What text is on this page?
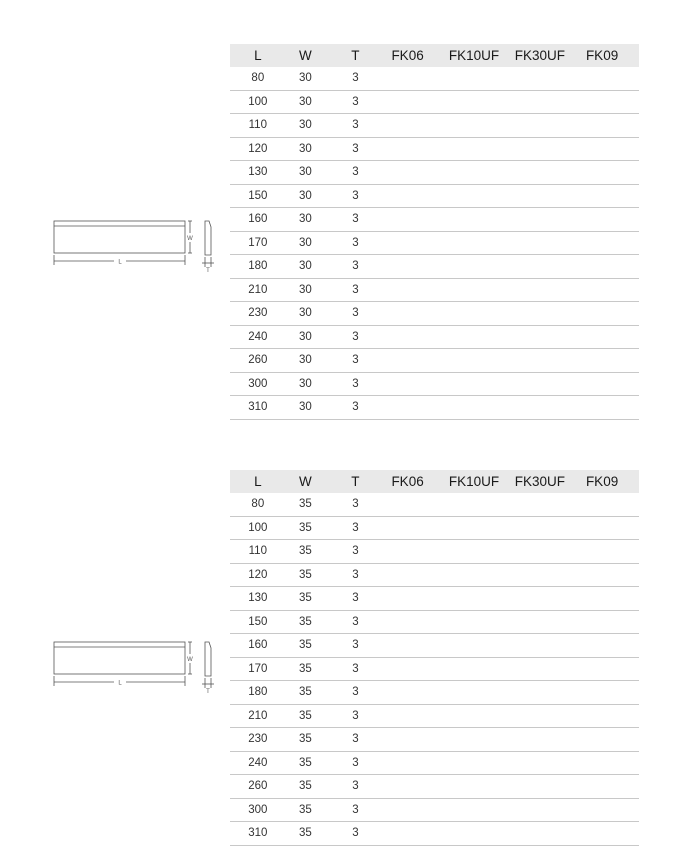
L
W
T
L	W	T	FK06	FK10UF	FK30UF	FK09
80	30	3				
100	30	3				
110	30	3				
120	30	3				
130	30	3				
150	30	3				
160	30	3				
170	30	3				
180	30	3				
210	30	3				
230	30	3				
240	30	3				
260	30	3				
300	30	3				
310	30	3				
L
W
T
L	W	T	FK06	FK10UF	FK30UF	FK09
80	35	3				
100	35	3				
110	35	3				
120	35	3				
130	35	3				
150	35	3				
160	35	3				
170	35	3				
180	35	3				
210	35	3				
230	35	3				
240	35	3				
260	35	3				
300	35	3				
310	35	3				
